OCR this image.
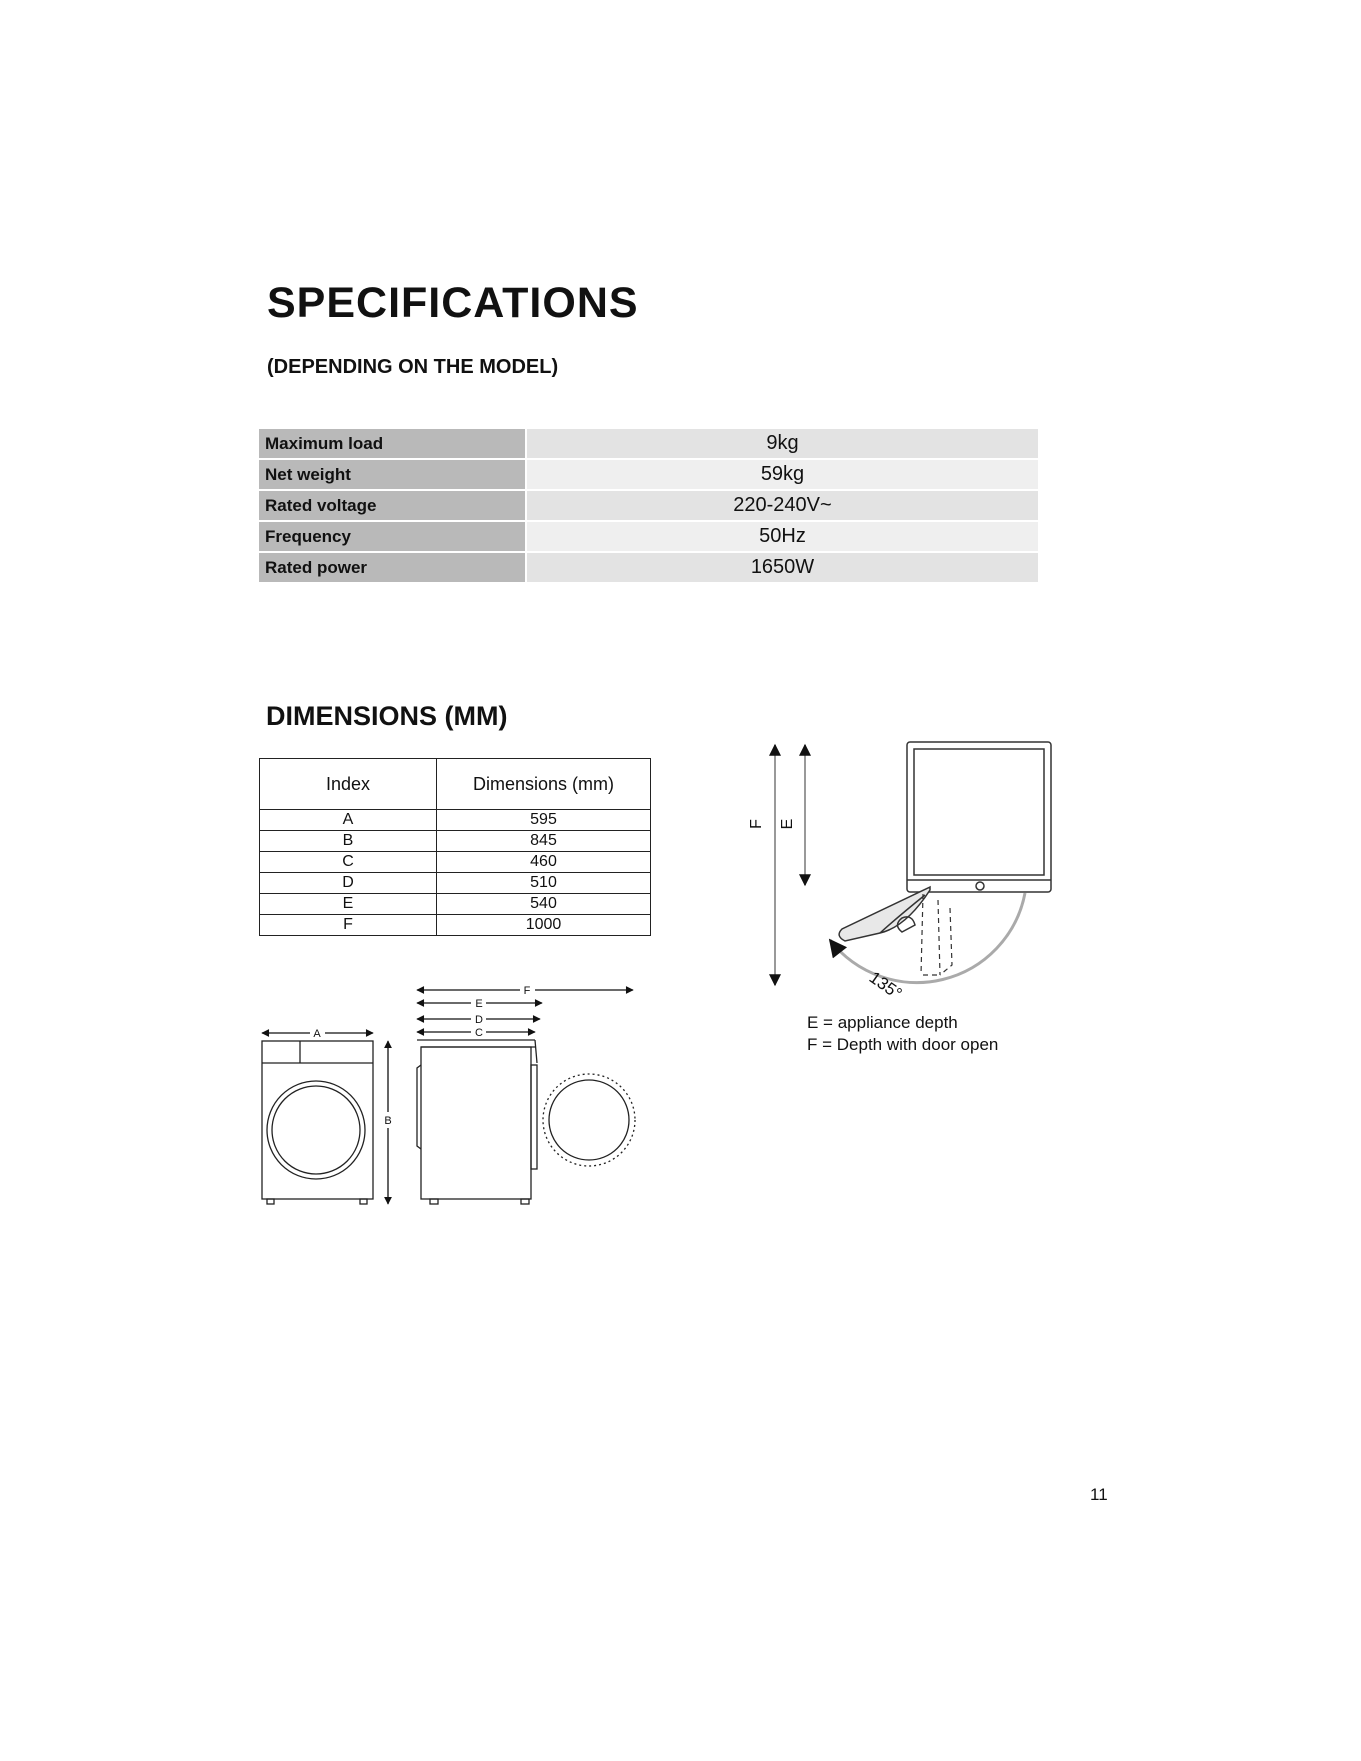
SPECIFICATIONS
(DEPENDING ON THE MODEL)
Maximum load	9kg
Net weight	59kg
Rated voltage	220-240V~
Frequency	50Hz
Rated power	1650W
DIMENSIONS (MM)
Index	Dimensions (mm)
A	595
B	845
C	460
D	510
E	540
F	1000
A
B
F
E
D
C
135°
F E
E = appliance depth
F = Depth with door open
11
